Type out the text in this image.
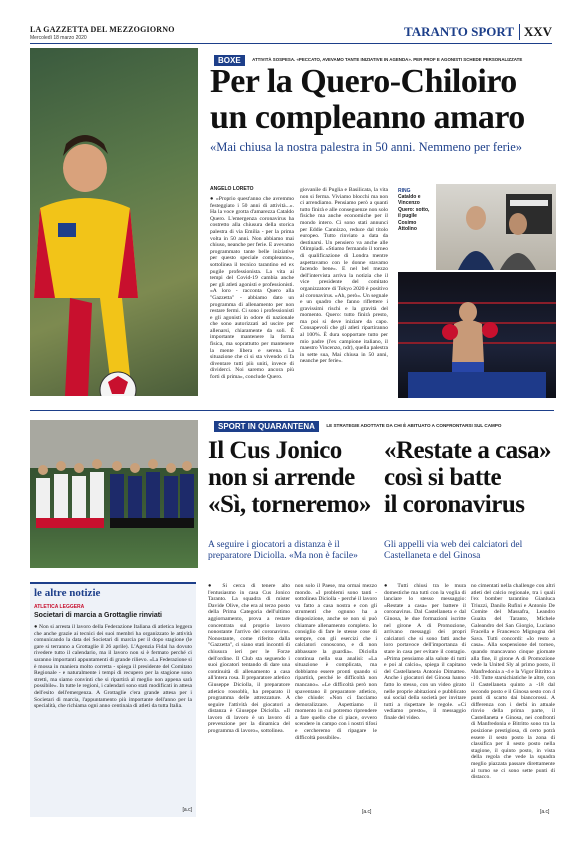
LA GAZZETTA DEL MEZZOGIORNO
Mercoledì 18 marzo 2020	TARANTO SPORT XXV
BOXE	ATTIVITÀ SOSPESA. «PECCATO, AVEVAMO TANTE INIZIATIVE IN AGENDA». PER PROF E AGONISTI SCHEDE PERSONALIZZATE
Per la Quero-Chiloiro
un compleanno amaro
«Mai chiusa la nostra palestra in 50 anni. Nemmeno per ferie»
ANGELO LORETO

● «Proprio quest'anno che avremmo festeggiato i 50 anni di attività...». Ha la voce grotta d'amarezza Cataldo Quero. L'emergenza coronavirus ha costretto alla chiusura della storica palestra di via Emilia - per la prima volta in 50 anni. Non abbiamo mai chiuso, neanche per ferie. E avevamo programmato tante belle iniziative per questo speciale compleanno», sottolinea il tecnico tarantino ed ex pugile professionista. La vita ai tempi del Covid-19 cambia anche per gli atleti agonisti e professionisti. «A loro - racconta Quero alla "Gazzetta" - abbiamo dato un programma di allenamento per non restare fermi. Ci sono i professionisti e gli agonisti in odore di nazionale che sono autorizzati ad uscire per allenarsi, chiaramente da soli. È importante mantenere la forma fisica, ma soprattutto per mantenere la mente libera e serena. La situazione che ci si sta vivendo ci fa diventare tutti più uniti, invece di dividerci. Noi saremo ancora più forti di prima», conclude Quero.

giovanile di Puglia e Basilicata, la vita non si ferma. Viviamo blocchi ma non ci arrendiamo. Pensiamo però a quanti tutto finirà e alle conseguenze non solo fisiche ma anche economiche per il mondo intero. Ci sono stati annunci per Eddie Cannizzo, reduce dal titolo europeo. Tutto rinviato a data da destinarsi. Un pensiero va anche alle Olimpiadi. «Stiamo fermando il torneo di qualificazione di Londra mentre aspettavamo con le donne stavamo facendo bene». E nel bel mezzo dell'intervista arriva la notizia che il vice presidente del comitato organizzatore di Tokyo 2020 è positivo al coronavirus. «Ah, però». Un segnale e un quadro che fanno riflettere i gravissimi rischi e la gravità del momento. Quero: tutto finirà presto, ma poi si deve iniziare da capo. Consapevoli che gli atleti ripartiranno al 100%. È dura sopportare tutto per mio padre (l'ex campione italiano, il maestro Vincenzo, ndr), quella palestra in sette sua, Mai chiusa in 50 anni, neanche per ferie».

RING
Cataldo e Vincenzo Quero: sotto, il pugile Cosimo Attolino
SPORT IN QUARANTENA LE STRATEGIE ADOTTATE DA CHI È ABITUATO A CONFRONTARSI SUL CAMPO
Il Cus Jonico
non si arrende
«Sì, torneremo»
A seguire i giocatori a distanza è il preparatore Diciolla. «Ma non è facile»
«Restate a casa»
così si batte
il coronavirus
Gli appelli via web dei calciatori del Castellaneta e del Ginosa
le altre notizie
ATLETICA LEGGERA
Societari di marcia a Grottaglie rinviati

● Non si arresta il lavoro della Federazione Italiana di atletica leggera che anche grazie ai tecnici dei suoi membri ha organizzato le attività comunicando la data dei Societari di marcia per il dopo stagione (le gare si terranno a Grottaglie il 26 aprile). L'Agenzia Fidal ha dovuto rivedere tutto il calendario, ma il lavoro non si è fermato perché ci saranno importanti appuntamenti di grande rilievo. «La Federazione si è mossa in maniera molto corretta - spiega il presidente del Comitato Regionale - e naturalmente i tempi di recupero per la stagione sono stretti, ma siamo convinti che si ripartirà al meglio non appena sarà possibile». In tutte le regioni, i calendari sono stati modificati in attesa dell'esito dell'emergenza. A Grottaglie c'era grande attesa per i Societari di marcia, l'appuntamento più importante dell'anno per la specialità, che richiama ogni anno centinaia di atleti da tutta Italia.

[a.c]

● Si cerca di tenere alto l'entusiasmo in casa Cus Jonico Taranto. La squadra di mister Davide Olive, che era al terzo posto della Prima Categoria dell'ultimo aggiornamento, prova a restare concentrata sul proprio lavoro nonostante l'arrivo del coronavirus. Nonostante, come riferito dalla "Gazzetta", ci siano stati incontri di chiusura ieri per le Forze dell'ordine. Il Club sta seguendo i suoi giocatori tentando di dare una continuità di allenamento a casa all'intera rosa. Il preparatore atletico Giuseppe Diciolla, il preparatore atletico rossoblù, ha preparato il programma delle attrezzature. A seguire l'attività dei giocatori a distanza è Giuseppe Diciolla. «Il lavoro di lavoro è un lavoro di prevenzione per la dinamica del programma di lavoro», sottolinea.

non solo il Paese, ma ormai mezzo mondo. «I problemi sono tanti - sottolinea Diciolla - perché il lavoro va fatto a casa nostra e con gli strumenti che ognuno ha a disposizione, anche se non si può chiamare allenamento completo. Io consiglio di fare le stesse cose di sempre, con gli esercizi che i calciatori conoscono, e di non abbassare la guardia». Diciolla continua nella sua analisi: «La situazione è complicata, ma dobbiamo essere pronti quando si ripartirà, perché le difficoltà non mancano». «Le difficoltà però non spaventano il preparatore atletico, che chiude: «Non ci facciamo demoralizzare. Aspettiamo il momento in cui potremo riprendere a fare quello che ci piace, ovvero scendere in campo con i nostri tifosi e cercheremo di ripagare le difficoltà possibile».

[a.c]

● Tutti chiusi tra le mura domestiche ma tutti con la voglia di lanciare lo stesso messaggio: «Restate a casa» per battere il coronavirus. Dal Castellaneta e dal Ginosa, le due formazioni iscritte nel girone A di Promozione, arrivano messaggi dei propri calciatori che si sono fatti anche loro portavoce dell'importanza di stare in casa per evitare il contagio. «Prima pensiamo alla salute di tutti e poi al calcio», spiega il capitano del Castellaneta Antonio Dimatteo. Anche i giocatori del Ginosa hanno fatto lo stesso, con un video girato nelle proprie abitazioni e pubblicato sui social della società per invitare tutti a rispettare le regole. «Ci vediamo presto», il messaggio finale del video.

no cimentati nella challenge con altri atleti del calcio regionale, tra i quali l'ex bomber tarantino Gianluca Triuzzi, Danilo Rufini e Antonio De Comite del Massafra, Leandro Guaita del Taranto, Michele Galeandro del San Giorgio, Luciano Fracella e Francesco Mignogna del Sava. Tutti concordi: «Io resto a casa». Alla sospensione del torneo, quando mancavano cinque giornate alla fine, il girone A di Promozione vede la United Sly al primo posto, il Manfredonia a -4 e la Vigor Bitritto a -10. Tutte starsichiatiche le altre, con il Castellaneta quinto a -18 dal secondo posto e il Ginosa sesto con 4 punti di scarto dai biancorossi. A differenza con i derbi in attuale rinvio della prima parte, il Castellaneta e Ginosa, nei confronti di Manfredonia e Bitritto sono tra la posizione prestigiosa, di certo potrà essere il sesto posto la zona di classifica per il sesto posto nella stagione, il quinto posto, in vista della regola che vede la squadra meglio piazzata passare direttamente al turno se ci sono sette punti di distacco.

[a.c]
